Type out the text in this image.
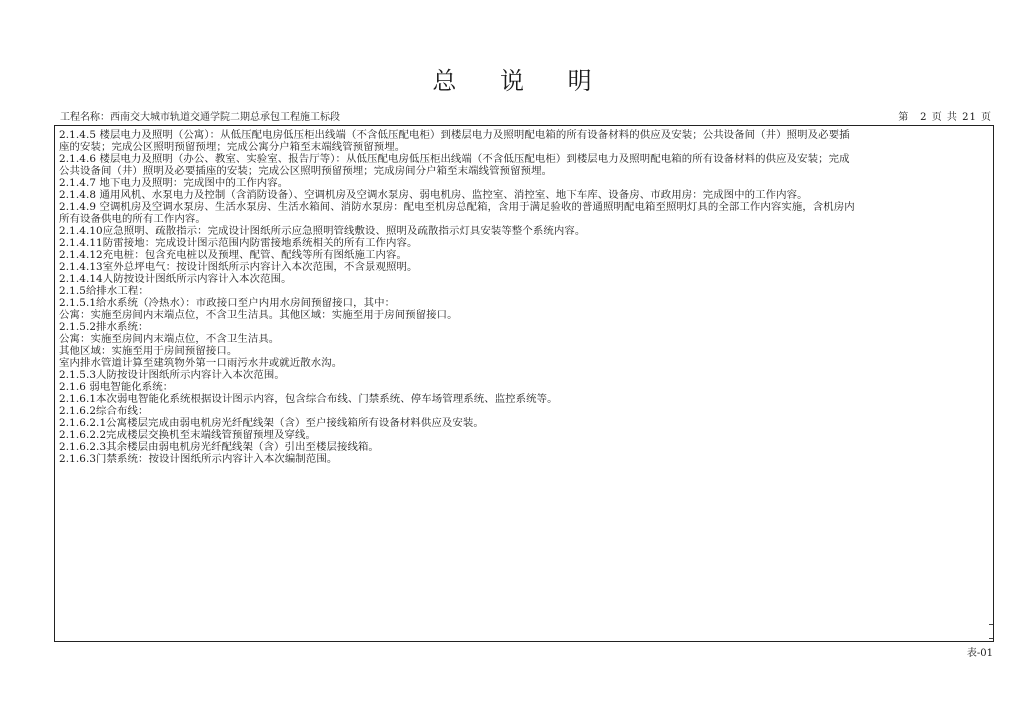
总 说 明
工程名称：西南交大城市轨道交通学院二期总承包工程施工标段	第　2 页 共 21 页
2.1.4.5 楼层电力及照明（公寓）：从低压配电房低压柜出线端（不含低压配电柜）到楼层电力及照明配电箱的所有设备材料的供应及安装；公共设备间（井）照明及必要插
座的安装；完成公区照明预留预埋；完成公寓分户箱至末端线管预留预埋。
2.1.4.6 楼层电力及照明（办公、教室、实验室、报告厅等）：从低压配电房低压柜出线端（不含低压配电柜）到楼层电力及照明配电箱的所有设备材料的供应及安装；完成
公共设备间（井）照明及必要插座的安装；完成公区照明预留预埋；完成房间分户箱至末端线管预留预埋。
2.1.4.7 地下电力及照明：完成图中的工作内容。
2.1.4.8 通用风机、水泵电力及控制（含消防设备）、空调机房及空调水泵房、弱电机房、监控室、消控室、地下车库、设备房、市政用房：完成图中的工作内容。
2.1.4.9 空调机房及空调水泵房、生活水泵房、生活水箱间、消防水泵房：配电至机房总配箱，含用于满足验收的普通照明配电箱至照明灯具的全部工作内容实施，含机房内
所有设备供电的所有工作内容。
2.1.4.10应急照明、疏散指示：完成设计图纸所示应急照明管线敷设、照明及疏散指示灯具安装等整个系统内容。
2.1.4.11防雷接地：完成设计图示范围内防雷接地系统相关的所有工作内容。
2.1.4.12充电桩：包含充电桩以及预埋、配管、配线等所有图纸施工内容。
2.1.4.13室外总坪电气：按设计图纸所示内容计入本次范围，不含景观照明。
2.1.4.14人防按设计图纸所示内容计入本次范围。
2.1.5给排水工程：
2.1.5.1给水系统（冷热水）：市政接口至户内用水房间预留接口，其中：
公寓：实施至房间内末端点位，不含卫生洁具。其他区域：实施至用于房间预留接口。
2.1.5.2排水系统：
公寓：实施至房间内末端点位，不含卫生洁具。
其他区域：实施至用于房间预留接口。
室内排水管道计算至建筑物外第一口雨污水井或就近散水沟。
2.1.5.3人防按设计图纸所示内容计入本次范围。
2.1.6 弱电智能化系统：
2.1.6.1本次弱电智能化系统根据设计图示内容，包含综合布线、门禁系统、停车场管理系统、监控系统等。
2.1.6.2综合布线：
2.1.6.2.1公寓楼层完成由弱电机房光纤配线架（含）至户接线箱所有设备材料供应及安装。
2.1.6.2.2完成楼层交换机至末端线管预留预埋及穿线。
2.1.6.2.3其余楼层由弱电机房光纤配线架（含）引出至楼层接线箱。
2.1.6.3门禁系统：按设计图纸所示内容计入本次编制范围。
表-01
